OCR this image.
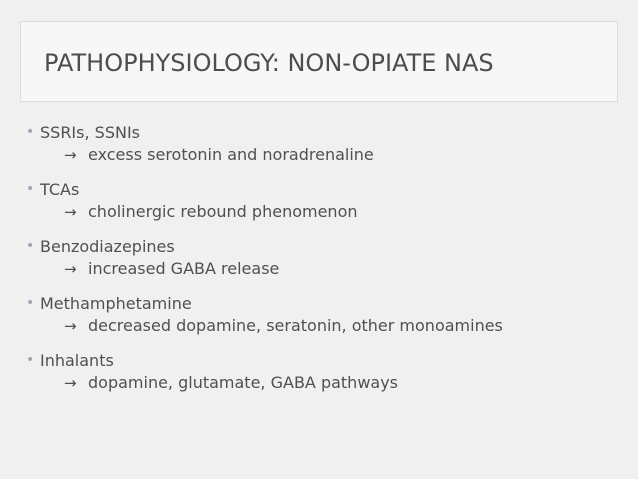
PATHOPHYSIOLOGY: NON-OPIATE NAS
• SSRIs, SSNIs
→ excess serotonin and noradrenaline
• TCAs
→ cholinergic rebound phenomenon
• Benzodiazepines
→ increased GABA release
• Methamphetamine
→ decreased dopamine, seratonin, other monoamines
• Inhalants
→ dopamine, glutamate, GABA pathways
